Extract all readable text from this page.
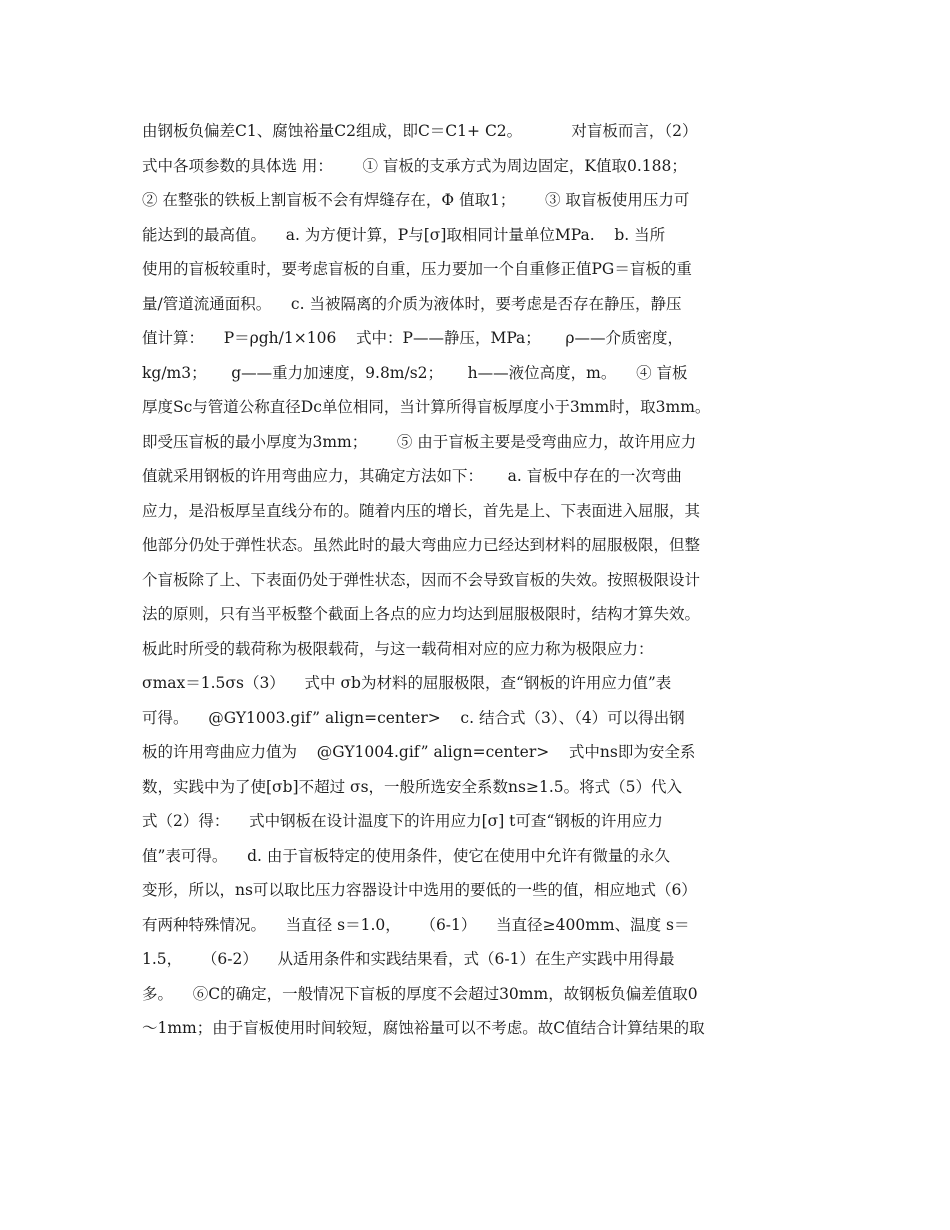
由钢板负偏差C1、腐蚀裕量C2组成，即C＝C1+ C2。          对盲板而言，（2）
式中各项参数的具体选 用：      ① 盲板的支承方式为周边固定，K值取0.188；
② 在整张的铁板上割盲板不会有焊缝存在，Φ 值取1；      ③ 取盲板使用压力可
能达到的最高值。    a. 为方便计算，P与[σ]取相同计量单位MPa.    b. 当所
使用的盲板较重时，要考虑盲板的自重，压力要加一个自重修正值PG＝盲板的重
量/管道流通面积。    c. 当被隔离的介质为液体时，要考虑是否存在静压，静压
值计算：    P＝ρgh/1×106    式中：P——静压，MPa；     ρ——介质密度，
kg/m3；     g——重力加速度，9.8m/s2；     h——液位高度，m。    ④ 盲板
厚度Sc与管道公称直径Dc单位相同，当计算所得盲板厚度小于3mm时，取3mm。
即受压盲板的最小厚度为3mm；      ⑤ 由于盲板主要是受弯曲应力，故许用应力
值就采用钢板的许用弯曲应力，其确定方法如下：     a. 盲板中存在的一次弯曲
应力，是沿板厚呈直线分布的。随着内压的增长，首先是上、下表面进入屈服，其
他部分仍处于弹性状态。虽然此时的最大弯曲应力已经达到材料的屈服极限，但整
个盲板除了上、下表面仍处于弹性状态，因而不会导致盲板的失效。按照极限设计
法的原则，只有当平板整个截面上各点的应力均达到屈服极限时，结构才算失效。
板此时所受的载荷称为极限载荷，与这一载荷相对应的应力称为极限应力：
σmax＝1.5σs（3）    式中 σb为材料的屈服极限，查“钢板的许用应力值”表
可得。    @GY1003.gif” align=center>    c. 结合式（3）、（4）可以得出钢
板的许用弯曲应力值为    @GY1004.gif” align=center>    式中ns即为安全系
数，实践中为了使[σb]不超过 σs，一般所选安全系数ns≥1.5。将式（5）代入
式（2）得：    式中钢板在设计温度下的许用应力[σ] t可查“钢板的许用应力
值”表可得。    d. 由于盲板特定的使用条件，使它在使用中允许有微量的永久
变形，所以，ns可以取比压力容器设计中选用的要低的一些的值，相应地式（6）
有两种特殊情况。    当直径 s＝1.0，    （6-1）    当直径≥400mm、温度 s＝
1.5，    （6-2）    从适用条件和实践结果看，式（6-1）在生产实践中用得最
多。    ⑥C的确定，一般情况下盲板的厚度不会超过30mm，故钢板负偏差值取0
～1mm；由于盲板使用时间较短，腐蚀裕量可以不考虑。故C值结合计算结果的取
